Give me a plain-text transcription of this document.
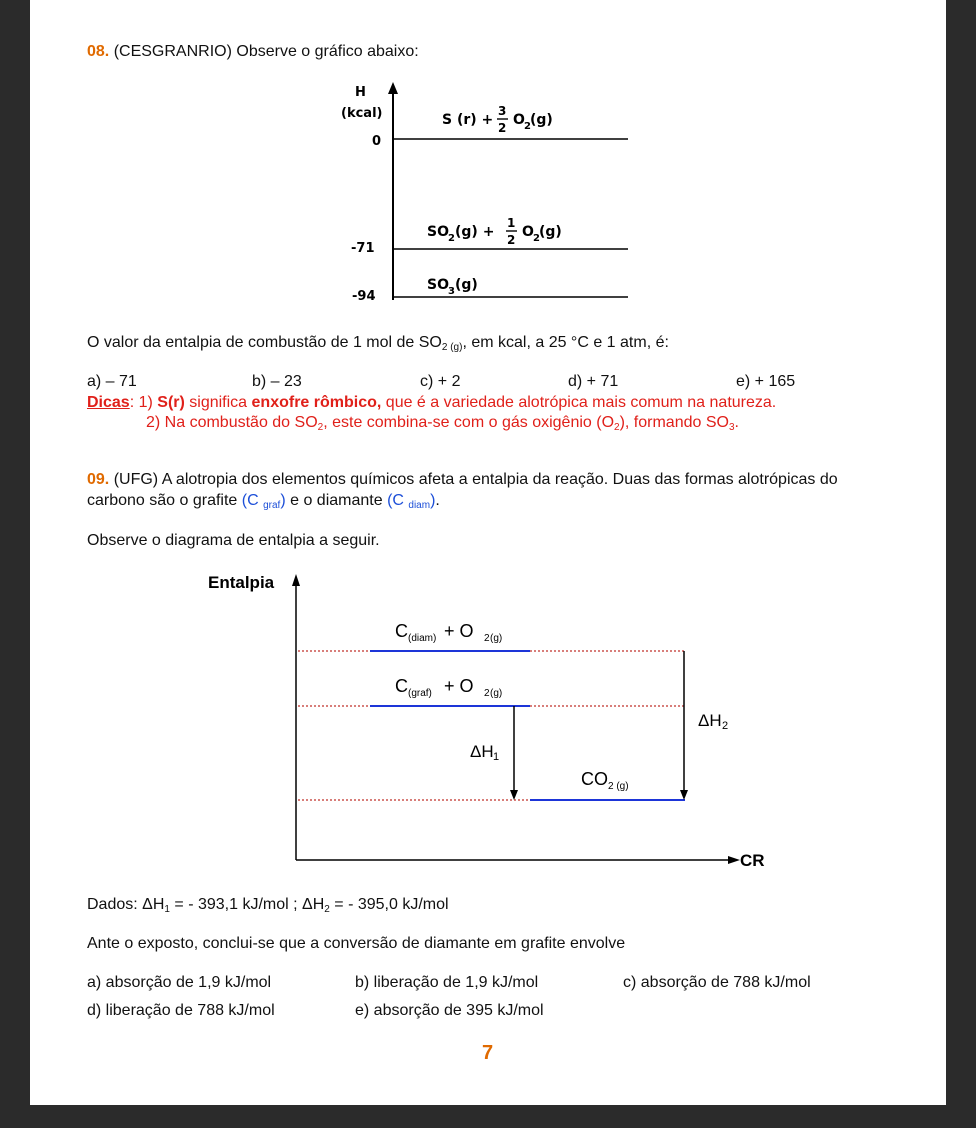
08. (CESGRANRIO) Observe o gráfico abaixo:
H
(kcal)
0
-71
-94
S (r) +
3
2 O 2 (g)
SO 2 (g) +
1
2 O 2 (g)
SO 3 (g)
O valor da entalpia de combustão de 1 mol de $SO_{2 (g)}$, em kcal, a 25 °C e 1 atm, é:
a) – 71	b) – 23	c) + 2	d) + 71	e) + 165
Dicas: 1) S(r) significa enxofre rômbico, que é a variedade alotrópica mais comum na natureza.
2) Na combustão do $SO_2$, este combina-se com o gás oxigênio $(O_2)$, formando $SO_3$.
09. (UFG) A alotropia dos elementos químicos afeta a entalpia da reação. Duas das formas alotrópicas do
carbono são o grafite (C $_{graf}$) e o diamante (C $_{diam}$).
Observe o diagrama de entalpia a seguir.
Entalpia
CR
C (diam) + O 2 (g)
C (graf) + O 2 (g)
ΔH 1
ΔH 2
CO 2 (g)
Dados: $\Delta H_1$ = - 393,1 kJ/mol ; $\Delta H_2$ = - 395,0 kJ/mol
Ante o exposto, conclui-se que a conversão de diamante em grafite envolve
a) absorção de 1,9 kJ/mol	b) liberação de 1,9 kJ/mol	c) absorção de 788 kJ/mol
d) liberação de 788 kJ/mol	e) absorção de 395 kJ/mol
7
